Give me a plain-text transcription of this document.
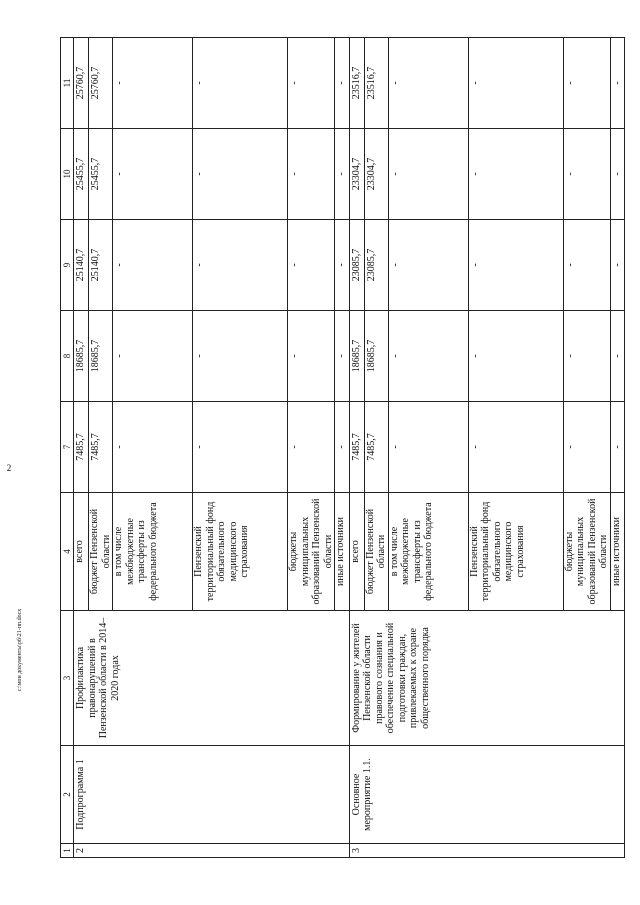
2
c:\мои документы\рб\21-пп.docx
1	2	3	4	7	8	9	10	11
2	Подпрограмма 1	Профилактика правонарушений в Пензенской области в 2014–2020 годах	всего	7485,7	18685,7	25140,7	25455,7	25760,7
			бюджет Пензенской области	7485,7	18685,7	25140,7	25455,7	25760,7
			в том числе межбюджетные трансферты из федерального бюджета	-	-	-	-	-
			Пензенский территориальный фонд обязательного медицинского страхования	-	-	-	-	-
			бюджеты муниципальных образований Пензенской области	-	-	-	-	-
			иные источники	-	-	-	-	-
3	Основное мероприятие 1.1.	Формирование у жителей Пензенской области правового сознания и обеспечение специальной подготовки граждан, привлекаемых к охране общественного порядка	всего	7485,7	18685,7	23085,7	23304,7	23516,7
			бюджет Пензенской области	7485,7	18685,7	23085,7	23304,7	23516,7
			в том числе межбюджетные трансферты из федерального бюджета	-	-	-	-	-
			Пензенский территориальный фонд обязательного медицинского страхования	-	-	-	-	-
			бюджеты муниципальных образований Пензенской области	-	-	-	-	-
			иные источники	-	-	-	-	-
